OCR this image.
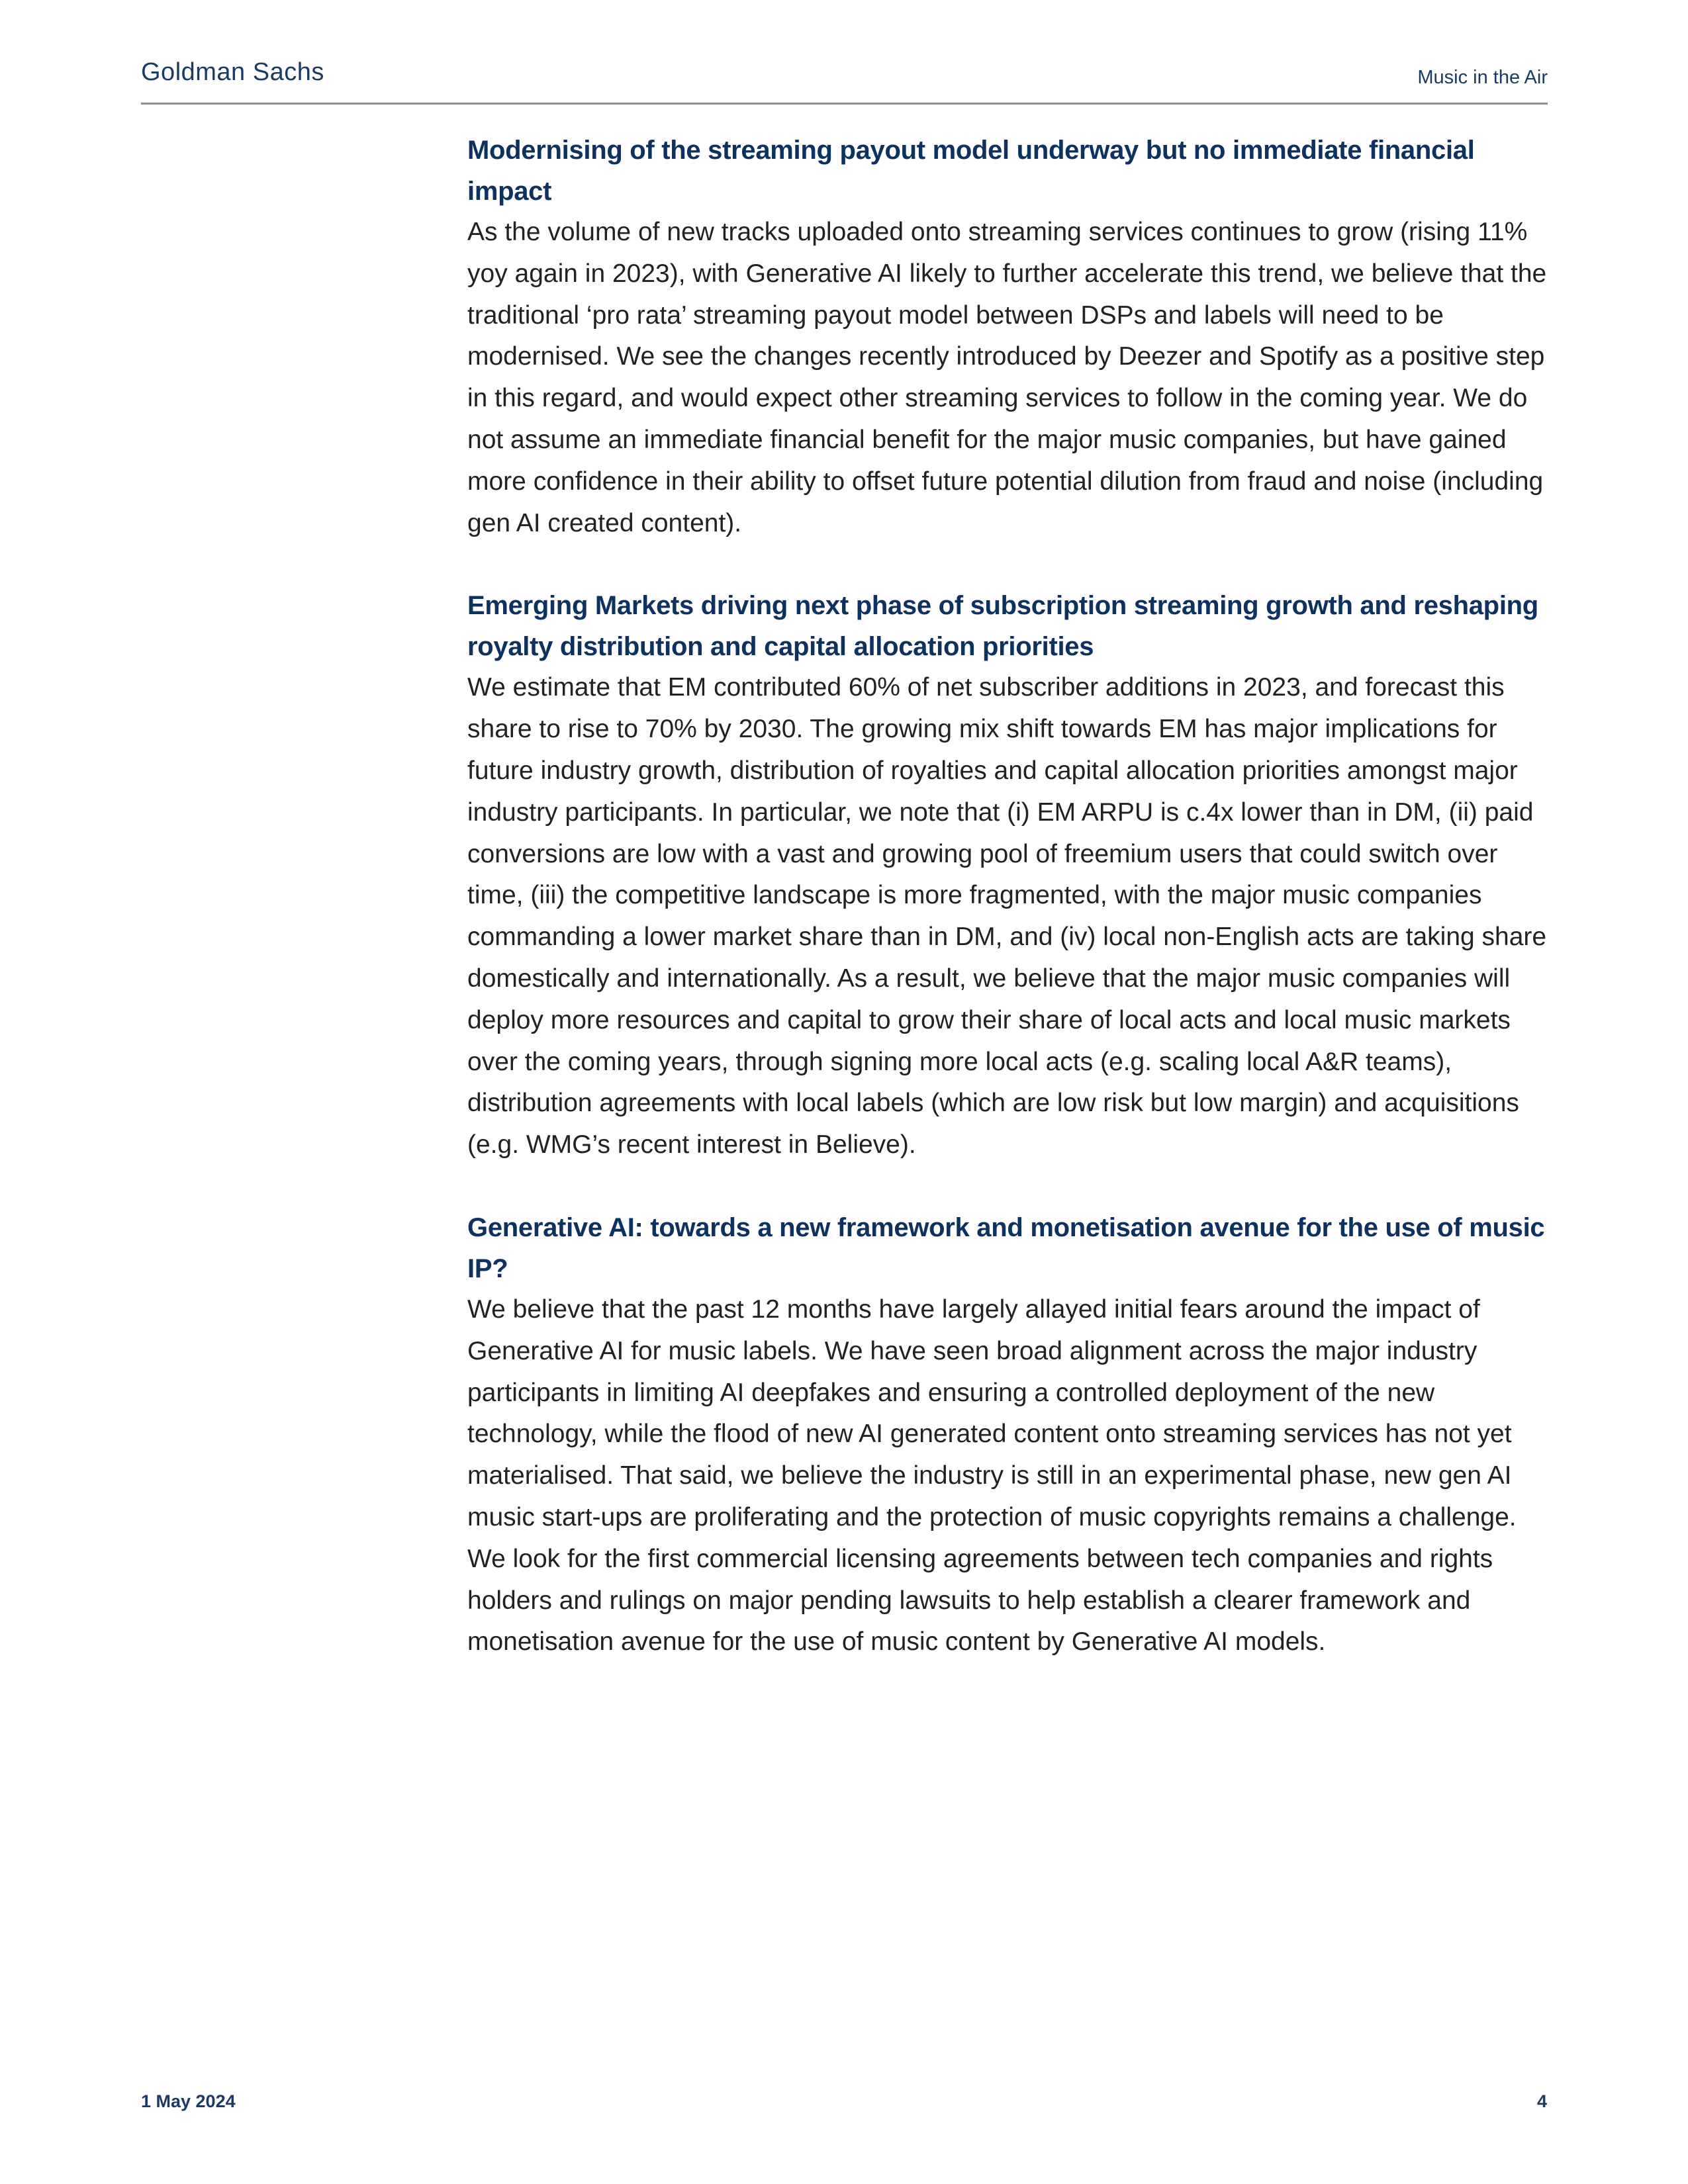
Goldman Sachs	Music in the Air
Modernising of the streaming payout model underway but no immediate financial impact

As the volume of new tracks uploaded onto streaming services continues to grow (rising 11% yoy again in 2023), with Generative AI likely to further accelerate this trend, we believe that the traditional ‘pro rata’ streaming payout model between DSPs and labels will need to be modernised. We see the changes recently introduced by Deezer and Spotify as a positive step in this regard, and would expect other streaming services to follow in the coming year. We do not assume an immediate financial benefit for the major music companies, but have gained more confidence in their ability to offset future potential dilution from fraud and noise (including gen AI created content).

Emerging Markets driving next phase of subscription streaming growth and reshaping royalty distribution and capital allocation priorities

We estimate that EM contributed 60% of net subscriber additions in 2023, and forecast this share to rise to 70% by 2030. The growing mix shift towards EM has major implications for future industry growth, distribution of royalties and capital allocation priorities amongst major industry participants. In particular, we note that (i) EM ARPU is c.4x lower than in DM, (ii) paid conversions are low with a vast and growing pool of freemium users that could switch over time, (iii) the competitive landscape is more fragmented, with the major music companies commanding a lower market share than in DM, and (iv) local non-English acts are taking share domestically and internationally. As a result, we believe that the major music companies will deploy more resources and capital to grow their share of local acts and local music markets over the coming years, through signing more local acts (e.g. scaling local A&R teams), distribution agreements with local labels (which are low risk but low margin) and acquisitions (e.g. WMG’s recent interest in Believe).

Generative AI: towards a new framework and monetisation avenue for the use of music IP?

We believe that the past 12 months have largely allayed initial fears around the impact of Generative AI for music labels. We have seen broad alignment across the major industry participants in limiting AI deepfakes and ensuring a controlled deployment of the new technology, while the flood of new AI generated content onto streaming services has not yet materialised. That said, we believe the industry is still in an experimental phase, new gen AI music start-ups are proliferating and the protection of music copyrights remains a challenge. We look for the first commercial licensing agreements between tech companies and rights holders and rulings on major pending lawsuits to help establish a clearer framework and monetisation avenue for the use of music content by Generative AI models.

1 May 2024	4
